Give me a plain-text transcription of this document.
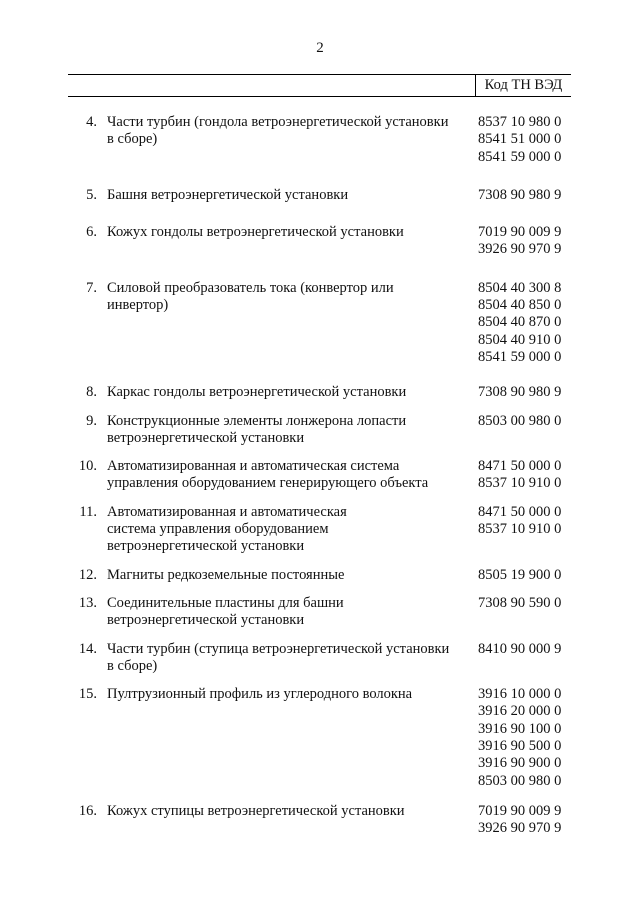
2
Код ТН ВЭД
4. Части турбин (гондола ветроэнергетической установки в сборе)
8537 10 980 0
8541 51 000 0
8541 59 000 0
5. Башня ветроэнергетической установки	7308 90 980 9
6. Кожух гондолы ветроэнергетической установки	7019 90 009 9
3926 90 970 9
7. Силовой преобразователь тока (конвертор или инвертор)
8504 40 300 8
8504 40 850 0
8504 40 870 0
8504 40 910 0
8541 59 000 0
8. Каркас гондолы ветроэнергетической установки	7308 90 980 9
9. Конструкционные элементы лонжерона лопасти ветроэнергетической установки
8503 00 980 0
10. Автоматизированная и автоматическая система управления оборудованием генерирующего объекта
8471 50 000 0
8537 10 910 0
11. Автоматизированная и автоматическая система управления оборудованием ветроэнергетической установки
8471 50 000 0
8537 10 910 0
12. Магниты редкоземельные постоянные	8505 19 900 0
13. Соединительные пластины для башни ветроэнергетической установки
7308 90 590 0
14. Части турбин (ступица ветроэнергетической установки в сборе)
8410 90 000 9
15. Пултрузионный профиль из углеродного волокна	3916 10 000 0
3916 20 000 0
3916 90 100 0
3916 90 500 0
3916 90 900 0
8503 00 980 0
16. Кожух ступицы ветроэнергетической установки	7019 90 009 9
3926 90 970 9
